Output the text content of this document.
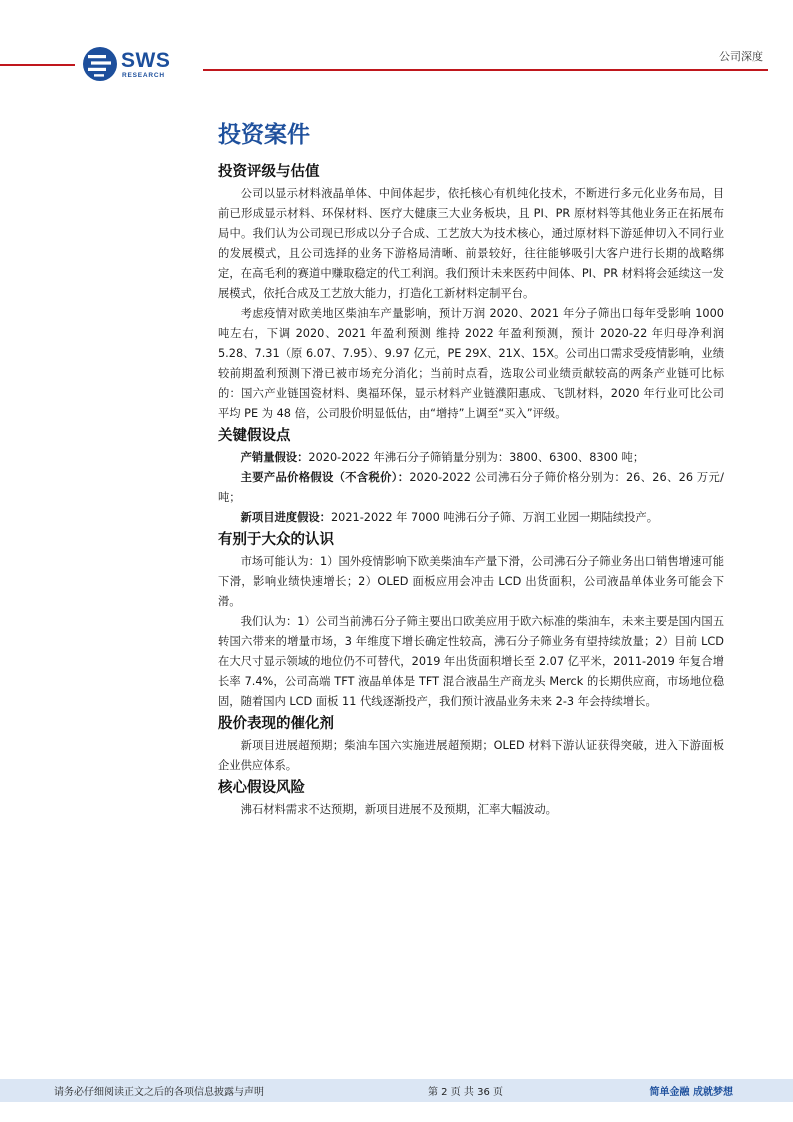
SWS
RESEARCH
公司深度
投资案件
投资评级与估值

公司以显示材料液晶单体、中间体起步，依托核心有机纯化技术，不断进行多元化业务布局，目前已形成显示材料、环保材料、医疗大健康三大业务板块，且 PI、PR 原材料等其他业务正在拓展布局中。我们认为公司现已形成以分子合成、工艺放大为技术核心，通过原材料下游延伸切入不同行业的发展模式，且公司选择的业务下游格局清晰、前景较好，往往能够吸引大客户进行长期的战略绑定，在高毛利的赛道中赚取稳定的代工利润。我们预计未来医药中间体、PI、PR 材料将会延续这一发展模式，依托合成及工艺放大能力，打造化工新材料定制平台。

考虑疫情对欧美地区柴油车产量影响，预计万润 2020、2021 年分子筛出口每年受影响 1000 吨左右，下调 2020、2021 年盈利预测 维持 2022 年盈利预测，预计 2020-22 年归母净利润 5.28、7.31（原 6.07、7.95）、9.97 亿元，PE 29X、21X、15X。公司出口需求受疫情影响，业绩较前期盈利预测下滑已被市场充分消化；当前时点看，选取公司业绩贡献较高的两条产业链可比标的：国六产业链国瓷材料、奥福环保，显示材料产业链濮阳惠成、飞凯材料，2020 年行业可比公司平均 PE 为 48 倍，公司股价明显低估，由“增持”上调至“买入”评级。

关键假设点

产销量假设：2020-2022 年沸石分子筛销量分别为：3800、6300、8300 吨；

主要产品价格假设（不含税价）：2020-2022 公司沸石分子筛价格分别为：26、26、26 万元/吨；

新项目进度假设：2021-2022 年 7000 吨沸石分子筛、万润工业园一期陆续投产。

有别于大众的认识

市场可能认为：1）国外疫情影响下欧美柴油车产量下滑，公司沸石分子筛业务出口销售增速可能下滑，影响业绩快速增长；2）OLED 面板应用会冲击 LCD 出货面积，公司液晶单体业务可能会下滑。

我们认为：1）公司当前沸石分子筛主要出口欧美应用于欧六标准的柴油车，未来主要是国内国五转国六带来的增量市场，3 年维度下增长确定性较高，沸石分子筛业务有望持续放量；2）目前 LCD 在大尺寸显示领域的地位仍不可替代，2019 年出货面积增长至 2.07 亿平米，2011-2019 年复合增长率 7.4%，公司高端 TFT 液晶单体是 TFT 混合液晶生产商龙头 Merck 的长期供应商，市场地位稳固，随着国内 LCD 面板 11 代线逐渐投产，我们预计液晶业务未来 2-3 年会持续增长。

股价表现的催化剂

新项目进展超预期；柴油车国六实施进展超预期；OLED 材料下游认证获得突破，进入下游面板企业供应体系。

核心假设风险

沸石材料需求不达预期，新项目进展不及预期，汇率大幅波动。

请务必仔细阅读正文之后的各项信息披露与声明	第 2 页 共 36 页	简单金融 成就梦想
